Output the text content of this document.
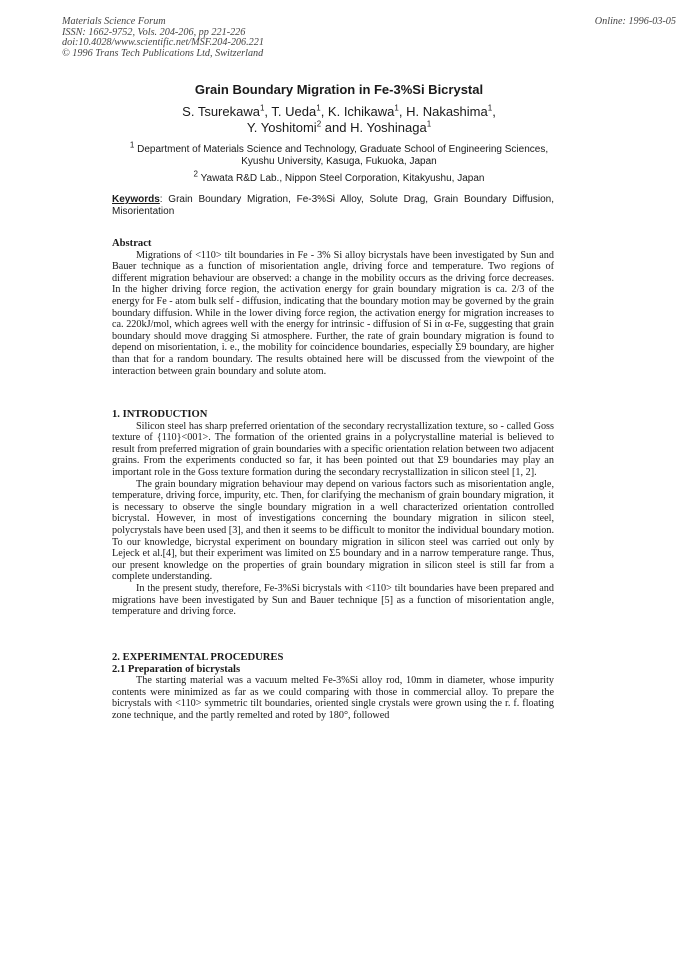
Materials Science Forum
ISSN: 1662-9752, Vols. 204-206, pp 221-226
doi:10.4028/www.scientific.net/MSF.204-206.221
© 1996 Trans Tech Publications Ltd, Switzerland
Online: 1996-03-05
Grain Boundary Migration in Fe-3%Si Bicrystal
S. Tsurekawa$^1$, T. Ueda$^1$, K. Ichikawa$^1$, H. Nakashima$^1$,
Y. Yoshitomi$^2$ and H. Yoshinaga$^1$
$^1$ Department of Materials Science and Technology, Graduate School of Engineering Sciences,
Kyushu University, Kasuga, Fukuoka, Japan
$^2$ Yawata R&D Lab., Nippon Steel Corporation, Kitakyushu, Japan
Keywords: Grain Boundary Migration, Fe-3%Si Alloy, Solute Drag, Grain Boundary Diffusion, Misorientation
Abstract

Migrations of <110> tilt boundaries in Fe - 3% Si alloy bicrystals have been investigated by Sun and Bauer technique as a function of misorientation angle, driving force and temperature. Two regions of different migration behaviour are observed: a change in the mobility occurs as the driving force decreases. In the higher driving force region, the activation energy for grain boundary migration is ca. 2/3 of the energy for Fe - atom bulk self - diffusion, indicating that the boundary motion may be governed by the grain boundary diffusion. While in the lower diving force region, the activation energy for migration increases to ca. 220kJ/mol, which agrees well with the energy for intrinsic - diffusion of Si in α-Fe, suggesting that grain boundary should move dragging Si atmosphere. Further, the rate of grain boundary migration is found to depend on misorientation, i. e., the mobility for coincidence boundaries, especially Σ9 boundary, are higher than that for a random boundary. The results obtained here will be discussed from the viewpoint of the interaction between grain boundary and solute atom.

1. INTRODUCTION

Silicon steel has sharp preferred orientation of the secondary recrystallization texture, so - called Goss texture of {110}<001>. The formation of the oriented grains in a polycrystalline material is believed to result from preferred migration of grain boundaries with a specific orientation relation between two adjacent grains. From the experiments conducted so far, it has been pointed out that Σ9 boundaries may play an important role in the Goss texture formation during the secondary recrystallization in silicon steel [1, 2].

The grain boundary migration behaviour may depend on various factors such as misorientation angle, temperature, driving force, impurity, etc. Then, for clarifying the mechanism of grain boundary migration, it is necessary to observe the single boundary migration in a well characterized orientation controlled bicrystal. However, in most of investigations concerning the boundary migration in silicon steel, polycrystals have been used [3], and then it seems to be difficult to monitor the individual boundary motion. To our knowledge, bicrystal experiment on boundary migration in silicon steel was carried out only by Lejeck et al.[4], but their experiment was limited on Σ5 boundary and in a narrow temperature range. Thus, our present knowledge on the properties of grain boundary migration in silicon steel is still far from a complete understanding.

In the present study, therefore, Fe-3%Si bicrystals with <110> tilt boundaries have been prepared and migrations have been investigated by Sun and Bauer technique [5] as a function of misorientation angle, temperature and driving force.

2. EXPERIMENTAL PROCEDURES
2.1 Preparation of bicrystals

The starting material was a vacuum melted Fe-3%Si alloy rod, 10mm in diameter, whose impurity contents were minimized as far as we could comparing with those in commercial alloy. To prepare the bicrystals with <110> symmetric tilt boundaries, oriented single crystals were grown using the r. f. floating zone technique, and the partly remelted and roted by 180°, followed
